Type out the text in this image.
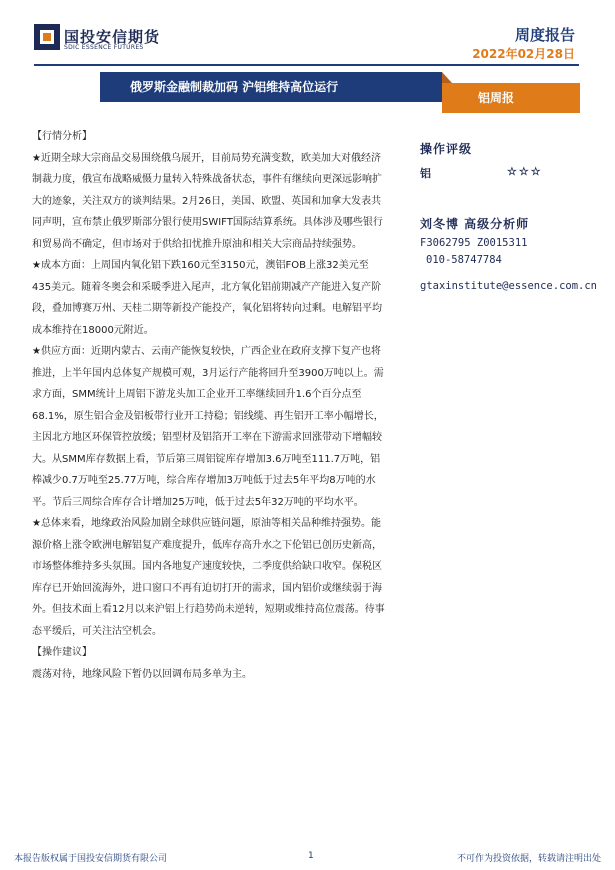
国投安信期货
SDIC ESSENCE FUTURES
周度报告
2022年02月28日
俄罗斯金融制裁加码 沪铝维持高位运行
铝周报

【行情分析】

★近期全球大宗商品交易围绕俄乌展开，目前局势充满变数，欧美加大对俄经济制裁力度，俄宣布战略威慑力量转入特殊战备状态，事件有继续向更深远影响扩大的迹象，关注双方的谈判结果。2月26日，美国、欧盟、英国和加拿大发表共同声明，宣布禁止俄罗斯部分银行使用SWIFT国际结算系统。具体涉及哪些银行和贸易尚不确定，但市场对于供给扣忧推升原油和相关大宗商品持续强势。

★成本方面：上周国内氧化铝下跌160元至3150元，澳铝FOB上涨32美元至435美元。随着冬奥会和采暖季进入尾声，北方氧化铝前期减产产能进入复产阶段，叠加博赛万州、天桂二期等新投产能投产，氧化铝将转向过剩。电解铝平均成本维持在18000元附近。

★供应方面：近期内蒙古、云南产能恢复较快，广西企业在政府支撑下复产也将推进，上半年国内总体复产规模可观，3月运行产能将回升至3900万吨以上。需求方面，SMM统计上周铝下游龙头加工企业开工率继续回升1.6个百分点至68.1%，原生铝合金及铝板带行业开工持稳；铝线缆、再生铝开工率小幅增长，主因北方地区环保管控放缓；铝型材及铝箔开工率在下游需求回涨带动下增幅较大。从SMM库存数据上看，节后第三周铝锭库存增加3.6万吨至111.7万吨，铝棒减少0.7万吨至25.77万吨，综合库存增加3万吨低于过去5年平均8万吨的水平。节后三周综合库存合计增加25万吨，低于过去5年32万吨的平均水平。

★总体来看，地缘政治风险加剧全球供应链问题，原油等相关品种维持强势。能源价格上涨令欧洲电解铝复产难度提升，低库存高升水之下伦铝已创历史新高，市场整体维持多头氛围。国内各地复产速度较快，二季度供给缺口收窄。保税区库存已开始回流海外，进口窗口不再有迫切打开的需求，国内铝价或继续弱于海外。但技术面上看12月以来沪铝上行趋势尚未逆转，短期或维持高位震荡。待事态平缓后，可关注沽空机会。

【操作建议】

震荡对待，地缘风险下暂仍以回调布局多单为主。

操作评级
铝	☆☆☆
刘冬博 高级分析师
F3062795 Z0015311
010-58747784
gtaxinstitute@essence.com.cn
本报告版权属于国投安信期货有限公司	1	不可作为投资依据，转载请注明出处
